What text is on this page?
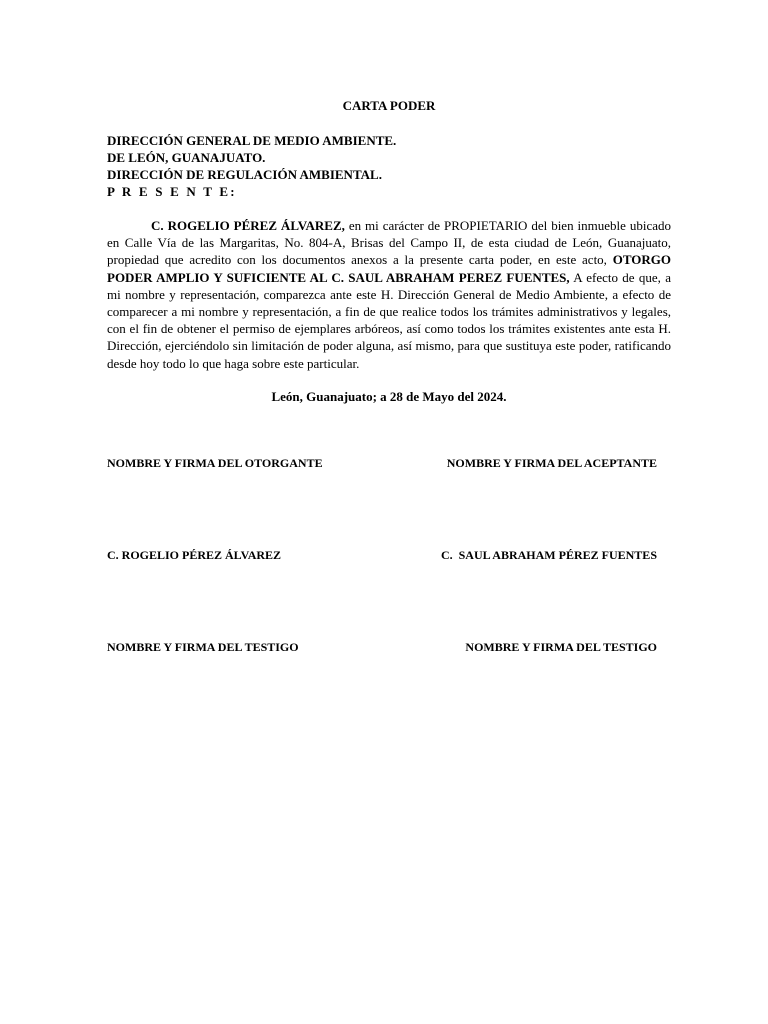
CARTA PODER
DIRECCIÓN GENERAL DE MEDIO AMBIENTE.
DE LEÓN, GUANAJUATO.
DIRECCIÓN DE REGULACIÓN AMBIENTAL.
P R E S E N T E:
C. ROGELIO PÉREZ ÁLVAREZ, en mi carácter de PROPIETARIO del bien inmueble ubicado en Calle Vía de las Margaritas, No. 804-A, Brisas del Campo II, de esta ciudad de León, Guanajuato, propiedad que acredito con los documentos anexos a la presente carta poder, en este acto, OTORGO PODER AMPLIO Y SUFICIENTE AL C. SAUL ABRAHAM PEREZ FUENTES, A efecto de que, a mi nombre y representación, comparezca ante este H. Dirección General de Medio Ambiente, a efecto de comparecer a mi nombre y representación, a fin de que realice todos los trámites administrativos y legales, con el fin de obtener el permiso de ejemplares arbóreos, así como todos los trámites existentes ante esta H. Dirección, ejerciéndolo sin limitación de poder alguna, así mismo, para que sustituya este poder, ratificando desde hoy todo lo que haga sobre este particular.
León, Guanajuato; a 28 de Mayo del 2024.
NOMBRE Y FIRMA DEL OTORGANTE	NOMBRE Y FIRMA DEL ACEPTANTE
C. ROGELIO PÉREZ ÁLVAREZ	C.  SAUL ABRAHAM PÉREZ FUENTES
NOMBRE Y FIRMA DEL TESTIGO	NOMBRE Y FIRMA DEL TESTIGO
